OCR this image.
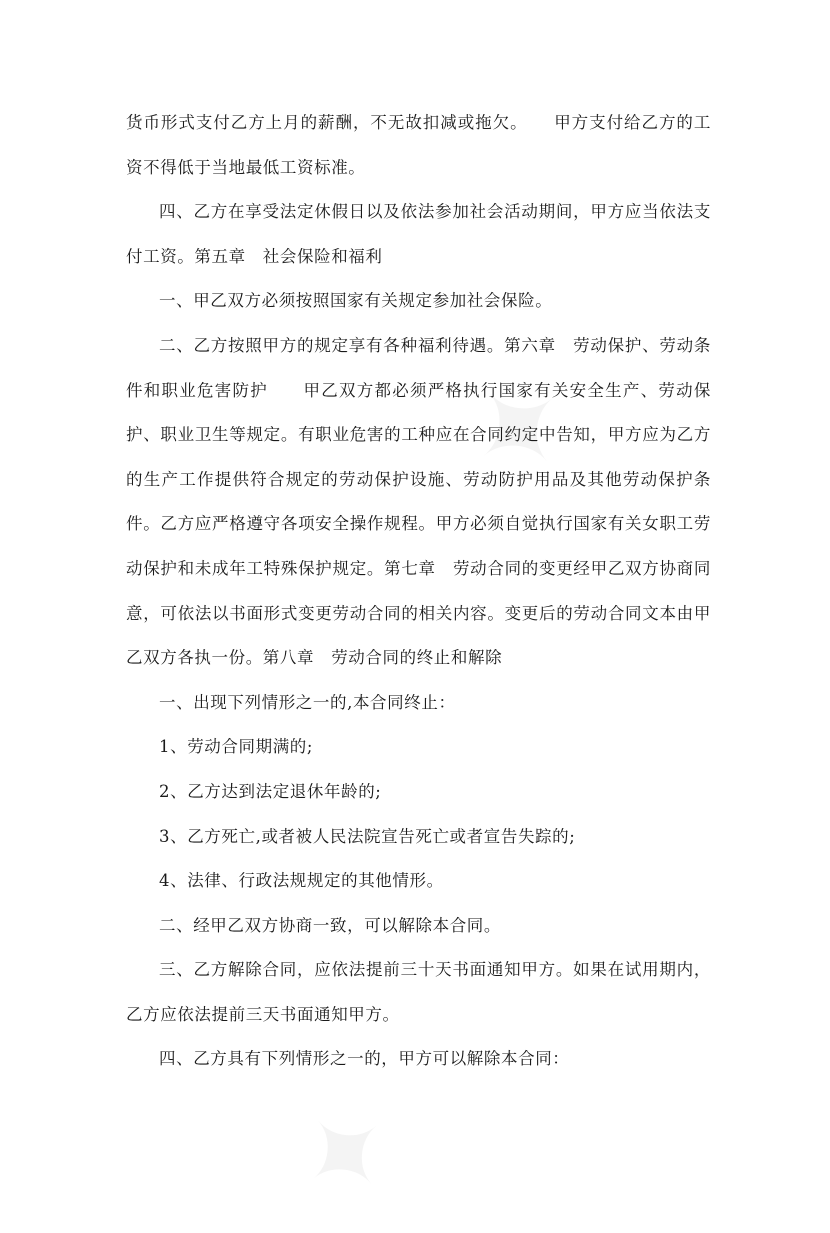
货币形式支付乙方上月的薪酬，不无故扣减或拖欠。　　甲方支付给乙方的工资不得低于当地最低工资标准。

四、乙方在享受法定休假日以及依法参加社会活动期间，甲方应当依法支付工资。第五章　社会保险和福利

一、甲乙双方必须按照国家有关规定参加社会保险。

二、乙方按照甲方的规定享有各种福利待遇。第六章　劳动保护、劳动条件和职业危害防护　　甲乙双方都必须严格执行国家有关安全生产、劳动保护、职业卫生等规定。有职业危害的工种应在合同约定中告知，甲方应为乙方的生产工作提供符合规定的劳动保护设施、劳动防护用品及其他劳动保护条件。乙方应严格遵守各项安全操作规程。甲方必须自觉执行国家有关女职工劳动保护和未成年工特殊保护规定。第七章　劳动合同的变更经甲乙双方协商同意，可依法以书面形式变更劳动合同的相关内容。变更后的劳动合同文本由甲乙双方各执一份。第八章　劳动合同的终止和解除

一、出现下列情形之一的,本合同终止：

1、劳动合同期满的;

2、乙方达到法定退休年龄的;

3、乙方死亡,或者被人民法院宣告死亡或者宣告失踪的;

4、法律、行政法规规定的其他情形。

二、经甲乙双方协商一致，可以解除本合同。

三、乙方解除合同，应依法提前三十天书面通知甲方。如果在试用期内，乙方应依法提前三天书面通知甲方。

四、乙方具有下列情形之一的，甲方可以解除本合同：
